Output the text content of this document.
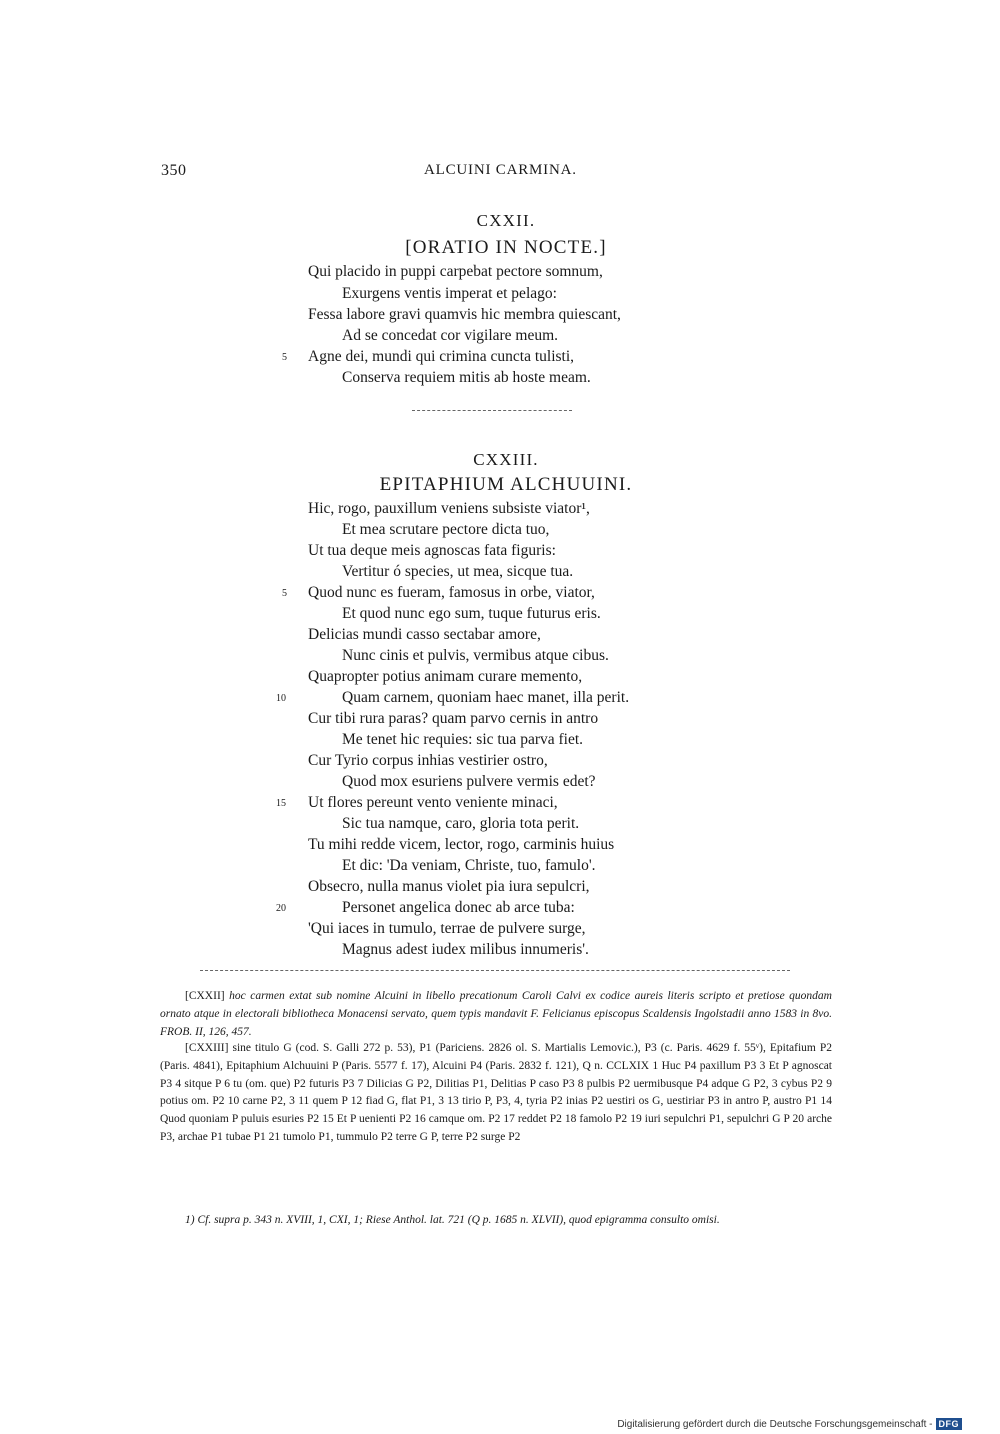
350	ALCUINI CARMINA.
CXXII.
[ORATIO IN NOCTE.]
Qui placido in puppi carpebat pectore somnum,
Exurgens ventis imperat et pelago:
Fessa labore gravi quamvis hic membra quiescant,
Ad se concedat cor vigilare meum.
5 Agne dei, mundi qui crimina cuncta tulisti,
Conserva requiem mitis ab hoste meam.
CXXIII.
EPITAPHIUM ALCHUUINI.
Hic, rogo, pauxillum veniens subsiste viator¹,
Et mea scrutare pectore dicta tuo,
Ut tua deque meis agnoscas fata figuris:
Vertitur ó species, ut mea, sicque tua.
5 Quod nunc es fueram, famosus in orbe, viator,
Et quod nunc ego sum, tuque futurus eris.
Delicias mundi casso sectabar amore,
Nunc cinis et pulvis, vermibus atque cibus.
Quapropter potius animam curare memento,
10	Quam carnem, quoniam haec manet, illa perit.
Cur tibi rura paras? quam parvo cernis in antro
Me tenet hic requies: sic tua parva fiet.
Cur Tyrio corpus inhias vestirier ostro,
Quod mox esuriens pulvere vermis edet?
15 Ut flores pereunt vento veniente minaci,
Sic tua namque, caro, gloria tota perit.
Tu mihi redde vicem, lector, rogo, carminis huius
Et dic: 'Da veniam, Christe, tuo, famulo'.
Obsecro, nulla manus violet pia iura sepulcri,
20	Personet angelica donec ab arce tuba:
'Qui iaces in tumulo, terrae de pulvere surge,
Magnus adest iudex milibus innumeris'.
[CXXII] hoc carmen extat sub nomine Alcuini in libello precationum Caroli Calvi ex codice aureis literis scripto et pretiose quondam ornato atque in electorali bibliotheca Monacensi servato, quem typis mandavit F. Felicianus episcopus Scaldensis Ingolstadii anno 1583 in 8vo. FROB. II, 126, 457.
[CXXIII] sine titulo G (cod. S. Galli 272 p. 53), P1 (Pariciens. 2826 ol. S. Martialis Lemovic.), P3 (c. Paris. 4629 f. 55ᵛ), Epitafium P2 (Paris. 4841), Epitaphium Alchuuini P (Paris. 5577 f. 17), Alcuini P4 (Paris. 2832 f. 121), Q n. CCLXIX 1 Huc P4 paxillum P3 3 Et P agnoscat P3 4 sitque P 6 tu (om. que) P2 futuris P3 7 Dilicias G P2, Dilitias P1, Delitias P caso P3 8 pulbis P2 uermibusque P4 adque G P2, 3 cybus P2 9 potius om. P2 10 carne P2, 3 11 quem P 12 fiad G, flat P1, 3 13 tirio P, P3, 4, tyria P2 inias P2 uestiri os G, uestiriar P3 in antro P, austro P1 14 Quod quoniam P puluis esuries P2 15 Et P uenienti P2 16 camque om. P2 17 reddet P2 18 famolo P2 19 iuri sepulchri P1, sepulchri G P 20 arche P3, archae P1 tubae P1 21 tumolo P1, tummulo P2 terre G P, terre P2 surge P2
1) Cf. supra p. 343 n. XVIII, 1, CXI, 1; Riese Anthol. lat. 721 (Q p. 1685 n. XLVII), quod epigramma consulto omisi.
Digitalisierung gefördert durch die Deutsche Forschungsgemeinschaft - DFG
